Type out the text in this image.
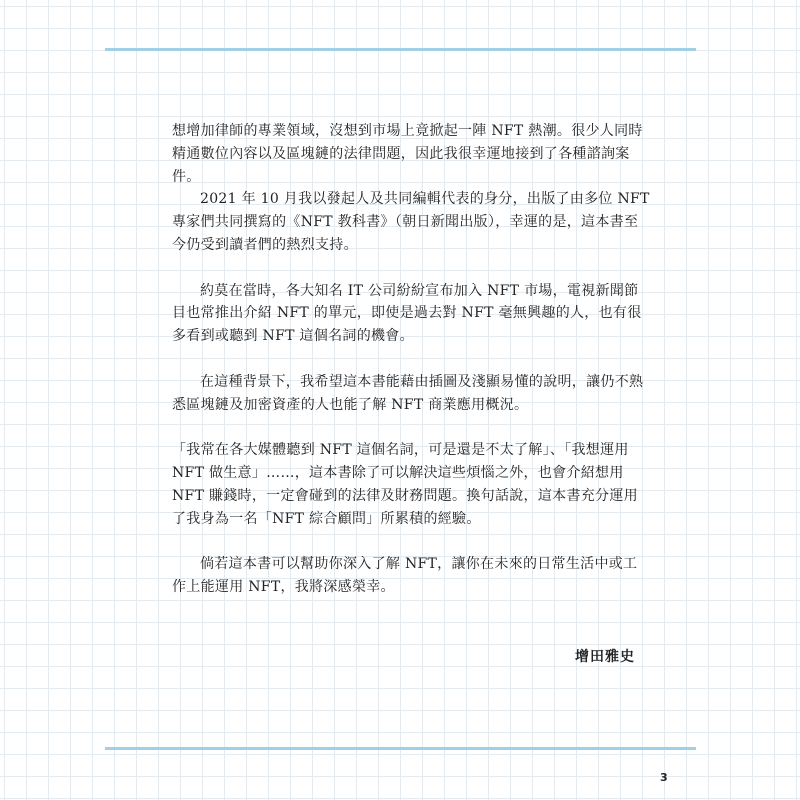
想增加律師的專業領域，沒想到市場上竟掀起一陣 NFT 熱潮。很少人同時精通數位內容以及區塊鏈的法律問題，因此我很幸運地接到了各種諮詢案件。

2021 年 10 月我以發起人及共同編輯代表的身分，出版了由多位 NFT 專家們共同撰寫的《NFT 教科書》（朝日新聞出版），幸運的是，這本書至今仍受到讀者們的熱烈支持。

約莫在當時，各大知名 IT 公司紛紛宣布加入 NFT 市場，電視新聞節目也常推出介紹 NFT 的單元，即使是過去對 NFT 毫無興趣的人，也有很多看到或聽到 NFT 這個名詞的機會。

在這種背景下，我希望這本書能藉由插圖及淺顯易懂的說明，讓仍不熟悉區塊鏈及加密資產的人也能了解 NFT 商業應用概況。

「我常在各大媒體聽到 NFT 這個名詞，可是還是不太了解」、「我想運用 NFT 做生意」……，這本書除了可以解決這些煩惱之外，也會介紹想用 NFT 賺錢時，一定會碰到的法律及財務問題。換句話說，這本書充分運用了我身為一名「NFT 綜合顧問」所累積的經驗。

倘若這本書可以幫助你深入了解 NFT，讓你在未來的日常生活中或工作上能運用 NFT，我將深感榮幸。

增田雅史
3
